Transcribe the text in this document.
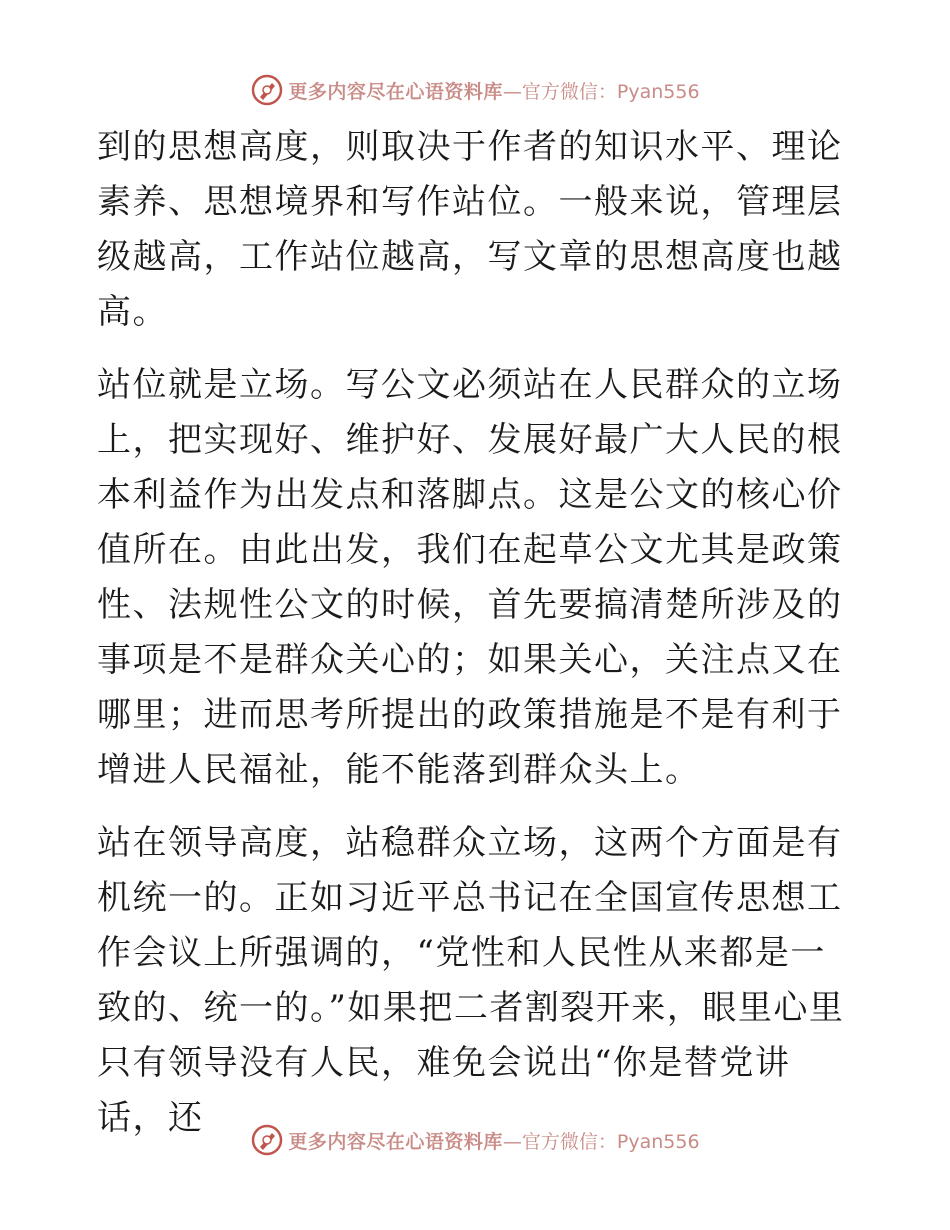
更多内容尽在心语资料库 —官方微信：Pyan556

到的思想高度，则取决于作者的知识水平、理论素养、思想境界和写作站位。一般来说，管理层级越高，工作站位越高，写文章的思想高度也越高。

站位就是立场。写公文必须站在人民群众的立场上，把实现好、维护好、发展好最广大人民的根本利益作为出发点和落脚点。这是公文的核心价值所在。由此出发，我们在起草公文尤其是政策性、法规性公文的时候，首先要搞清楚所涉及的事项是不是群众关心的；如果关心，关注点又在哪里；进而思考所提出的政策措施是不是有利于增进人民福祉，能不能落到群众头上。

站在领导高度，站稳群众立场，这两个方面是有机统一的。正如习近平总书记在全国宣传思想工作会议上所强调的，“党性和人民性从来都是一致的、统一的。”如果把二者割裂开来，眼里心里只有领导没有人民，难免会说出“你是替党讲话，还

更多内容尽在心语资料库 —官方微信：Pyan556
